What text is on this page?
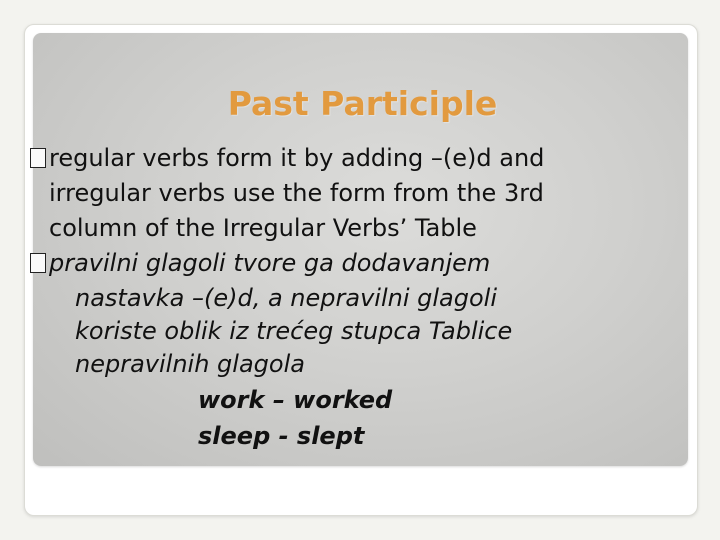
Past Participle
regular verbs form it by adding –(e)d and
irregular verbs use the form from the 3rd
column of the Irregular Verbs’ Table
pravilni glagoli tvore ga dodavanjem
nastavka –(e)d, a nepravilni glagoli
koriste oblik iz trećeg stupca Tablice
nepravilnih glagola
work – worked
sleep - slept
